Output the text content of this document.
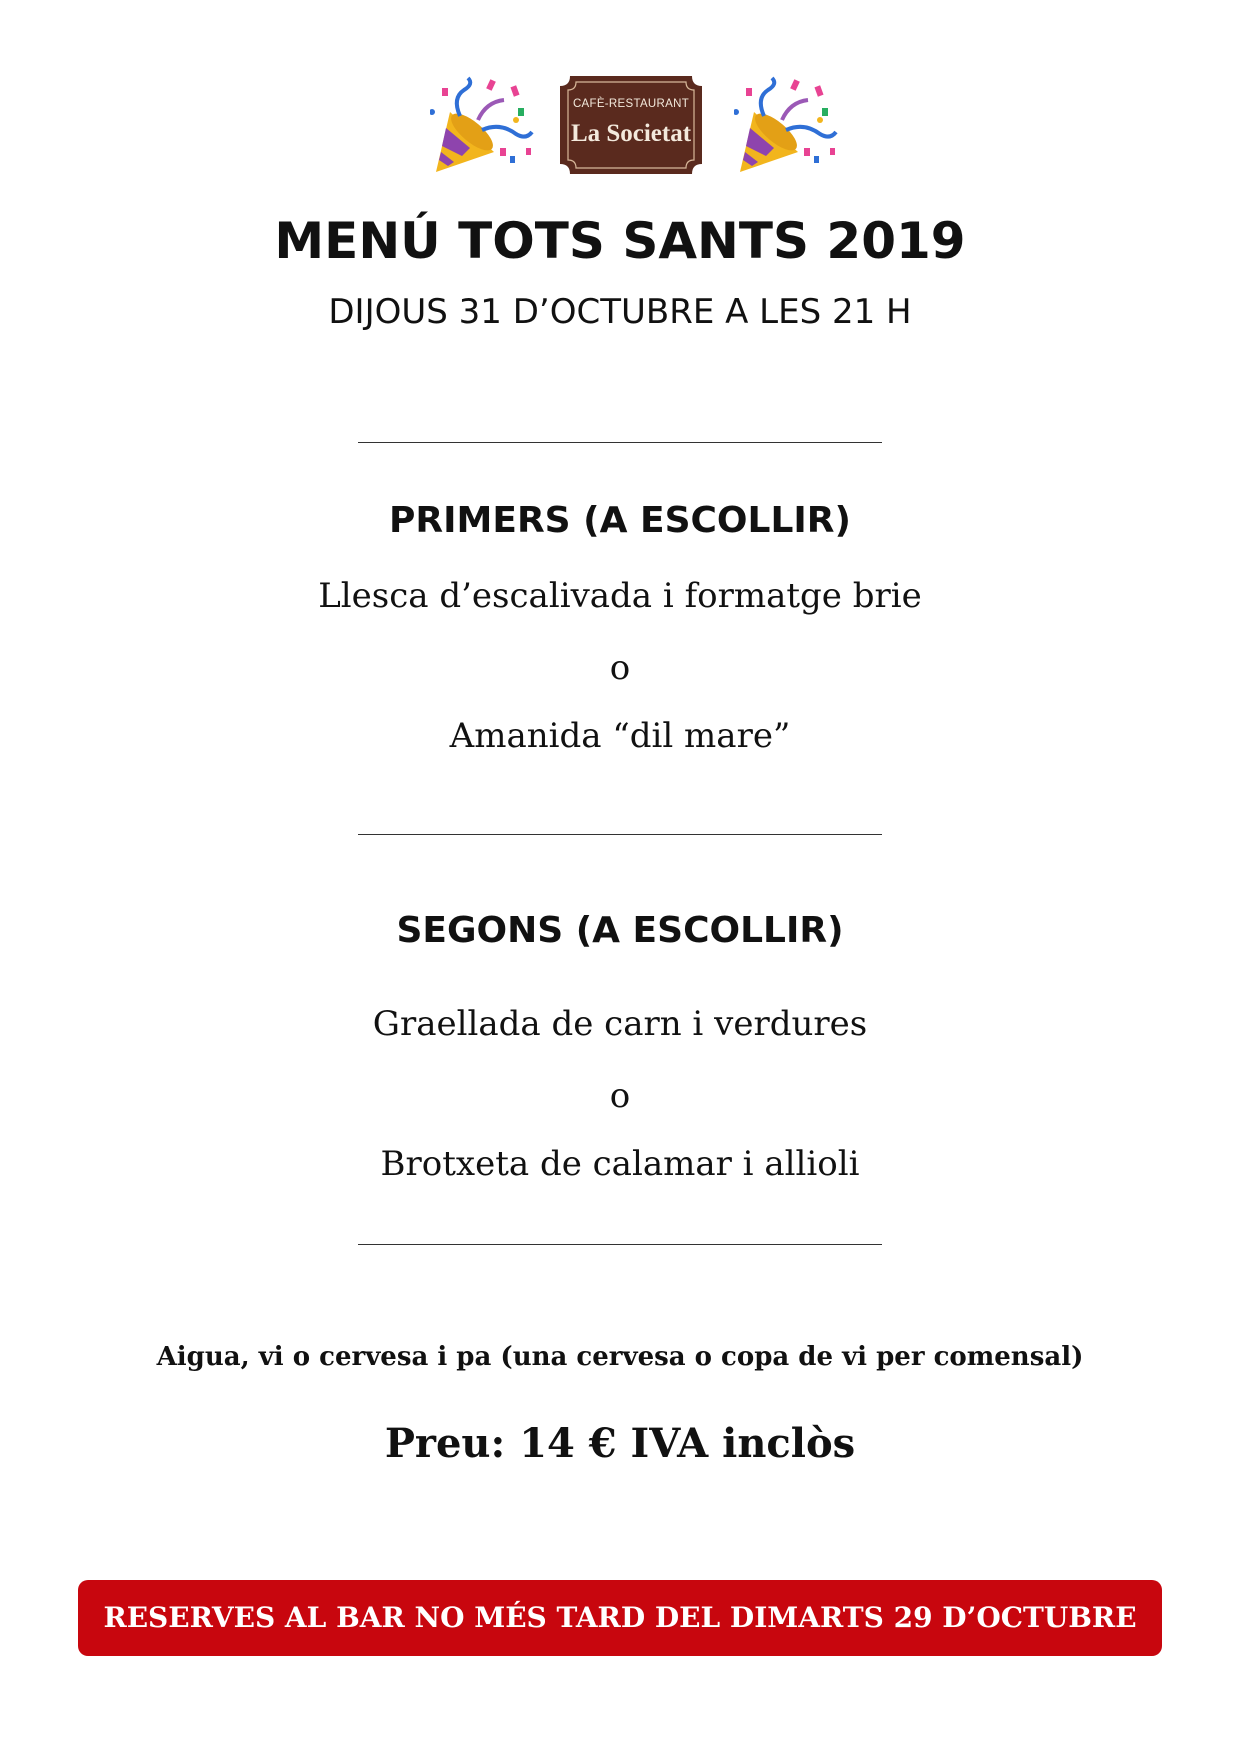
CAFÈ-RESTAURANT
La Societat
MENÚ TOTS SANTS 2019
DIJOUS 31 D’OCTUBRE A LES 21 H
PRIMERS (A ESCOLLIR)
Llesca d’escalivada i formatge brie
o
Amanida “dil mare”
SEGONS (A ESCOLLIR)
Graellada de carn i verdures
o
Brotxeta de calamar i allioli
Aigua, vi o cervesa i pa (una cervesa o copa de vi per comensal)
Preu: 14 € IVA inclòs
RESERVES AL BAR NO MÉS TARD DEL DIMARTS 29 D’OCTUBRE
